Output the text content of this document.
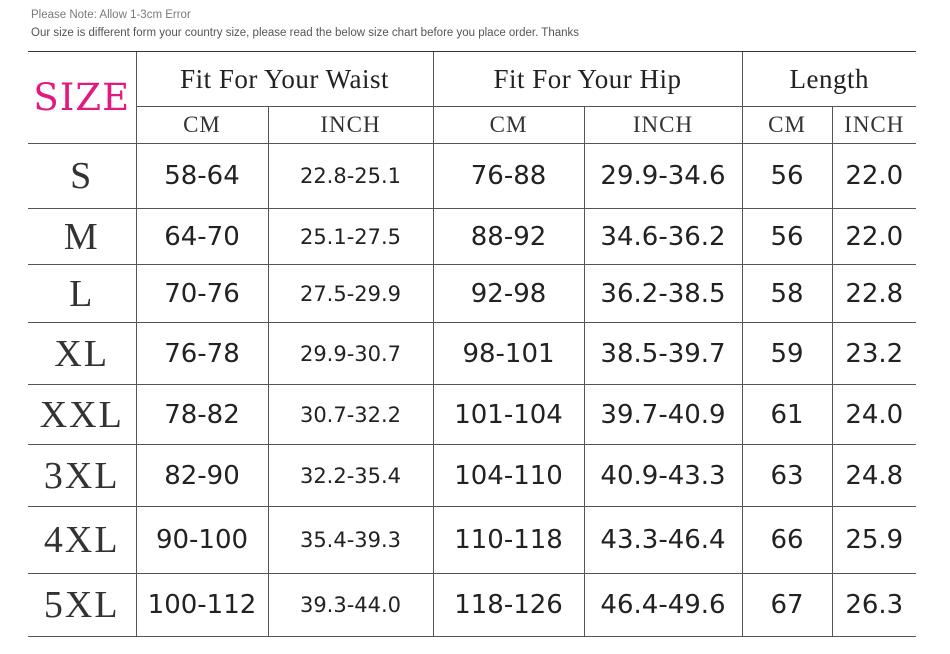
Please Note: Allow 1-3cm Error
Our size is different form your country size, please read the below size chart before you place order. Thanks
SIZE	Fit For Your Waist		Fit For Your Hip		Length	
	CM	INCH	CM	INCH	CM	INCH
S	58-64	22.8-25.1	76-88	29.9-34.6	56	22.0
M	64-70	25.1-27.5	88-92	34.6-36.2	56	22.0
L	70-76	27.5-29.9	92-98	36.2-38.5	58	22.8
XL	76-78	29.9-30.7	98-101	38.5-39.7	59	23.2
XXL	78-82	30.7-32.2	101-104	39.7-40.9	61	24.0
3XL	82-90	32.2-35.4	104-110	40.9-43.3	63	24.8
4XL	90-100	35.4-39.3	110-118	43.3-46.4	66	25.9
5XL	100-112	39.3-44.0	118-126	46.4-49.6	67	26.3
